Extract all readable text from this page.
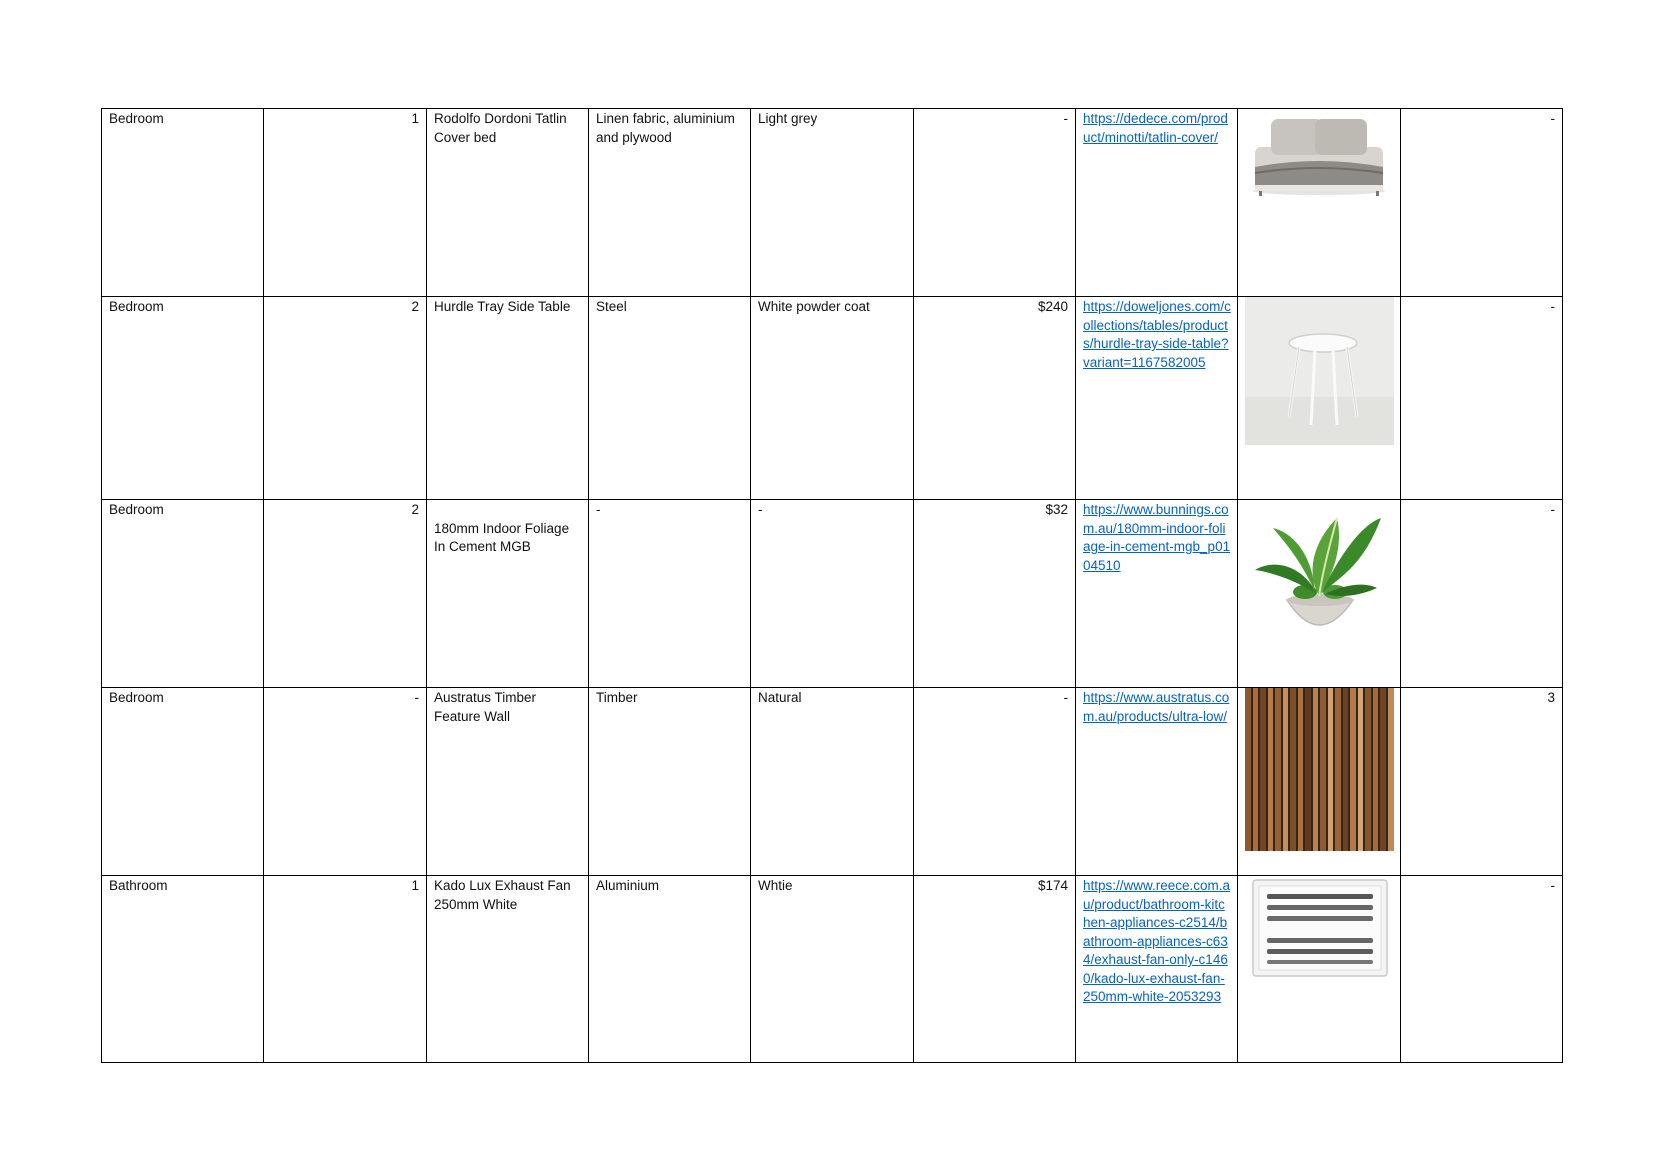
Bedroom	1	Rodolfo Dordoni Tatlin Cover bed	Linen fabric, aluminium and plywood	Light grey	-	https://dedece.com/product/minotti/tatlin-cover/		-
Bedroom	2	Hurdle Tray Side Table	Steel	White powder coat	$240	https://doweljones.com/collections/tables/products/hurdle-tray-side-table?variant=1167582005		-
Bedroom	2	180mm Indoor Foliage In Cement MGB	-	-	$32	https://www.bunnings.com.au/180mm-indoor-foliage-in-cement-mgb_p0104510		-
Bedroom	-	Austratus Timber Feature Wall	Timber	Natural	-	https://www.austratus.com.au/products/ultra-low/		3
Bathroom	1	Kado Lux Exhaust Fan 250mm White	Aluminium	Whtie	$174	https://www.reece.com.au/product/bathroom-kitchen-appliances-c2514/bathroom-appliances-c634/exhaust-fan-only-c1460/kado-lux-exhaust-fan-250mm-white-2053293		-
